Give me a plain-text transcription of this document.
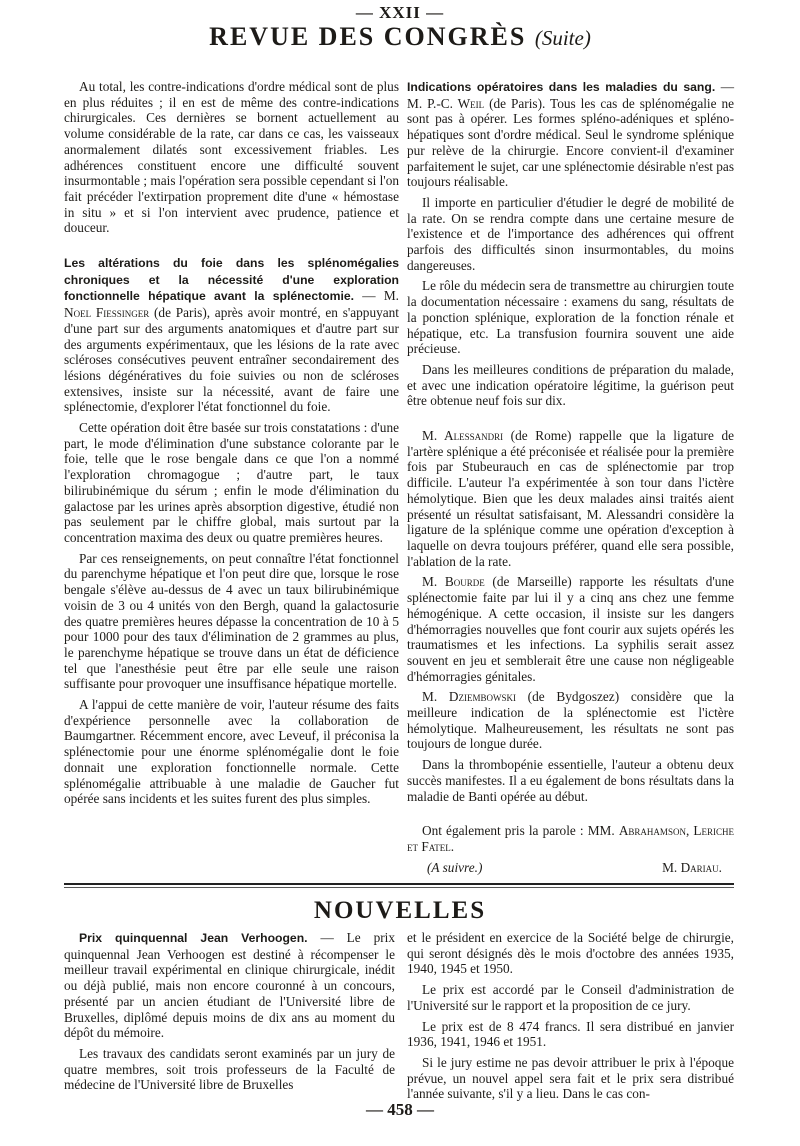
— XXII —
REVUE DES CONGRÈS (Suite)

Au total, les contre-indications d'ordre médical sont de plus en plus réduites ; il en est de même des contre-indications chirurgicales. Ces dernières se bornent actuellement au volume considérable de la rate, car dans ce cas, les vaisseaux anormalement dilatés sont excessivement friables. Les adhérences constituent encore une difficulté souvent insurmontable ; mais l'opération sera possible cependant si l'on fait précéder l'extirpation proprement dite d'une « hémostase in situ » et si l'on intervient avec prudence, patience et douceur.

Les altérations du foie dans les splénomégalies chroniques et la nécessité d'une exploration fonctionnelle hépatique avant la splénectomie. — M. Noel Fiessinger (de Paris), après avoir montré, en s'appuyant d'une part sur des arguments anatomiques et d'autre part sur des arguments expérimentaux, que les lésions de la rate avec scléroses consécutives peuvent entraîner secondairement des lésions dégénératives du foie suivies ou non de scléroses extensives, insiste sur la nécessité, avant de faire une splénectomie, d'explorer l'état fonctionnel du foie.

Cette opération doit être basée sur trois constatations : d'une part, le mode d'élimination d'une substance colorante par le foie, telle que le rose bengale dans ce que l'on a nommé l'exploration chromagogue ; d'autre part, le taux bilirubinémique du sérum ; enfin le mode d'élimination du galactose par les urines après absorption digestive, étudié non pas seulement par le chiffre global, mais surtout par la concentration maxima des deux ou quatre premières heures.

Par ces renseignements, on peut connaître l'état fonctionnel du parenchyme hépatique et l'on peut dire que, lorsque le rose bengale s'élève au-dessus de 4 avec un taux bilirubinémique voisin de 3 ou 4 unités von den Bergh, quand la galactosurie des quatre premières heures dépasse la concentration de 10 à 5 pour 1000 pour des taux d'élimination de 2 grammes au plus, le parenchyme hépatique se trouve dans un état de déficience tel que l'anesthésie peut être par elle seule une raison suffisante pour provoquer une insuffisance hépatique mortelle.

A l'appui de cette manière de voir, l'auteur résume des faits d'expérience personnelle avec la collaboration de Baumgartner. Récemment encore, avec Leveuf, il préconisa la splénectomie pour une énorme splénomégalie dont le foie donnait une exploration fonctionnelle normale. Cette splénomégalie attribuable à une maladie de Gaucher fut opérée sans incidents et les suites furent des plus simples.

Indications opératoires dans les maladies du sang. — M. P.-C. Weil (de Paris). Tous les cas de splénomégalie ne sont pas à opérer. Les formes spléno-adéniques et spléno-hépatiques sont d'ordre médical. Seul le syndrome splénique pur relève de la chirurgie. Encore convient-il d'examiner parfaitement le sujet, car une splénectomie désirable n'est pas toujours réalisable.

Il importe en particulier d'étudier le degré de mobilité de la rate. On se rendra compte dans une certaine mesure de l'existence et de l'importance des adhérences qui offrent parfois des difficultés sinon insurmontables, du moins dangereuses.

Le rôle du médecin sera de transmettre au chirurgien toute la documentation nécessaire : examens du sang, résultats de la ponction splénique, exploration de la fonction rénale et hépatique, etc. La transfusion fournira souvent une aide précieuse.

Dans les meilleures conditions de préparation du malade, et avec une indication opératoire légitime, la guérison peut être obtenue neuf fois sur dix.

M. Alessandri (de Rome) rappelle que la ligature de l'artère splénique a été préconisée et réalisée pour la première fois par Stubeurauch en cas de splénectomie par trop difficile. L'auteur l'a expérimentée à son tour dans l'ictère hémolytique. Bien que les deux malades ainsi traités aient présenté un résultat satisfaisant, M. Alessandri considère la ligature de la splénique comme une opération d'exception à laquelle on devra toujours préférer, quand elle sera possible, l'ablation de la rate.

M. Bourde (de Marseille) rapporte les résultats d'une splénectomie faite par lui il y a cinq ans chez une femme hémogénique. A cette occasion, il insiste sur les dangers d'hémorragies nouvelles que font courir aux sujets opérés les traumatismes et les infections. La syphilis serait assez souvent en jeu et semblerait être une cause non négligeable d'hémorragies génitales.

M. Dziembowski (de Bydgoszez) considère que la meilleure indication de la splénectomie est l'ictère hémolytique. Malheureusement, les résultats ne sont pas toujours de longue durée.

Dans la thrombopénie essentielle, l'auteur a obtenu deux succès manifestes. Il a eu également de bons résultats dans la maladie de Banti opérée au début.

Ont également pris la parole : MM. Abrahamson, Leriche et Fatel.

(A suivre.)	M. Dariau.
NOUVELLES

Prix quinquennal Jean Verhoogen. — Le prix quinquennal Jean Verhoogen est destiné à récompenser le meilleur travail expérimental en clinique chirurgicale, inédit ou déjà publié, mais non encore couronné à un concours, présenté par un ancien étudiant de l'Université libre de Bruxelles, diplômé depuis moins de dix ans au moment du dépôt du mémoire.

Les travaux des candidats seront examinés par un jury de quatre membres, soit trois professeurs de la Faculté de médecine de l'Université libre de Bruxelles

et le président en exercice de la Société belge de chirurgie, qui seront désignés dès le mois d'octobre des années 1935, 1940, 1945 et 1950.

Le prix est accordé par le Conseil d'administration de l'Université sur le rapport et la proposition de ce jury.

Le prix est de 8 474 francs. Il sera distribué en janvier 1936, 1941, 1946 et 1951.

Si le jury estime ne pas devoir attribuer le prix à l'époque prévue, un nouvel appel sera fait et le prix sera distribué l'année suivante, s'il y a lieu. Dans le cas con-

— 458 —
